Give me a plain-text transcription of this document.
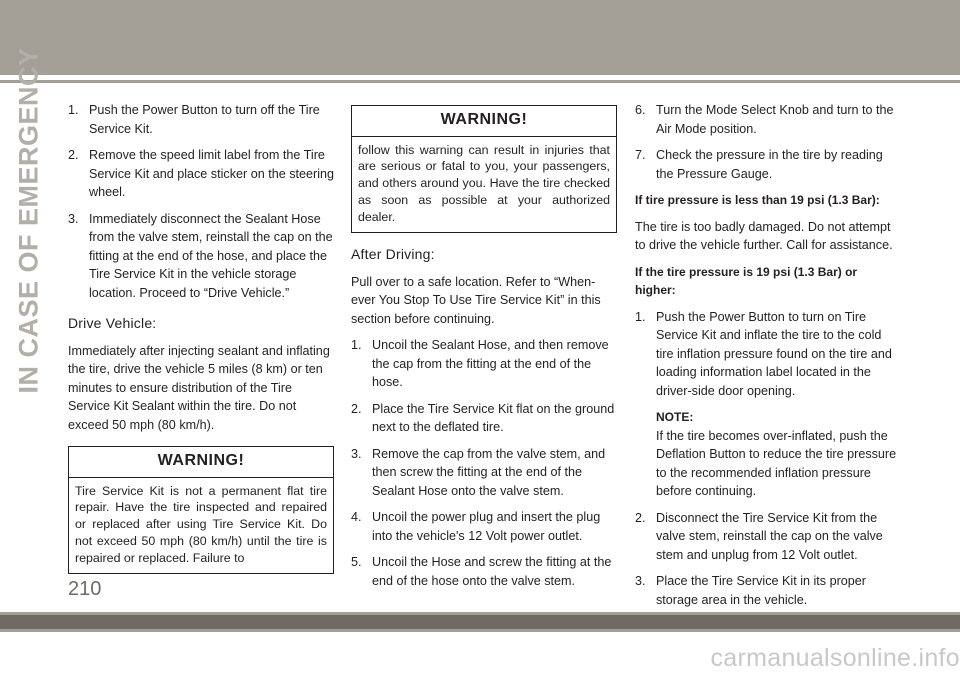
IN CASE OF EMERGENCY 1. Push the Power Button to turn off the Tire Service Kit.
2. Remove the speed limit label from the Tire Service Kit and place sticker on the steering wheel.
3. Immediately disconnect the Sealant Hose from the valve stem, reinstall the cap on the fitting at the end of the hose, and place the Tire Service Kit in the vehicle storage location. Proceed to “Drive Vehicle.”
Drive Vehicle:

Immediately after injecting sealant and inflating the tire, drive the vehicle 5 miles (8 km) or ten minutes to ensure distribution of the Tire Service Kit Sealant within the tire. Do not exceed 50 mph (80 km/h).

WARNING!
Tire Service Kit is not a permanent flat tire repair. Have the tire inspected and repaired or replaced after using Tire Service Kit. Do not exceed 50 mph (80 km/h) until the tire is repaired or replaced. Failure to
WARNING!
follow this warning can result in injuries that are serious or fatal to you, your passengers, and others around you. Have the tire checked as soon as possible at your authorized dealer.
After Driving:

Pull over to a safe location. Refer to “When-ever You Stop To Use Tire Service Kit” in this section before continuing.

1. Uncoil the Sealant Hose, and then remove the cap from the fitting at the end of the hose.
2. Place the Tire Service Kit flat on the ground next to the deflated tire.
3. Remove the cap from the valve stem, and then screw the fitting at the end of the Sealant Hose onto the valve stem.
4. Uncoil the power plug and insert the plug into the vehicle's 12 Volt power outlet.
5. Uncoil the Hose and screw the fitting at the end of the hose onto the valve stem.
6. Turn the Mode Select Knob and turn to the Air Mode position.
7. Check the pressure in the tire by reading the Pressure Gauge.
If tire pressure is less than 19 psi (1.3 Bar):

The tire is too badly damaged. Do not attempt to drive the vehicle further. Call for assistance.

If the tire pressure is 19 psi (1.3 Bar) or higher:
1. Push the Power Button to turn on Tire Service Kit and inflate the tire to the cold tire inflation pressure found on the tire and loading information label located in the driver-side door opening.
NOTE:
If the tire becomes over-inflated, push the Deflation Button to reduce the tire pressure to the recommended inflation pressure before continuing.
2. Disconnect the Tire Service Kit from the valve stem, reinstall the cap on the valve stem and unplug from 12 Volt outlet.
3. Place the Tire Service Kit in its proper storage area in the vehicle.
210
carmanualsonline.info
